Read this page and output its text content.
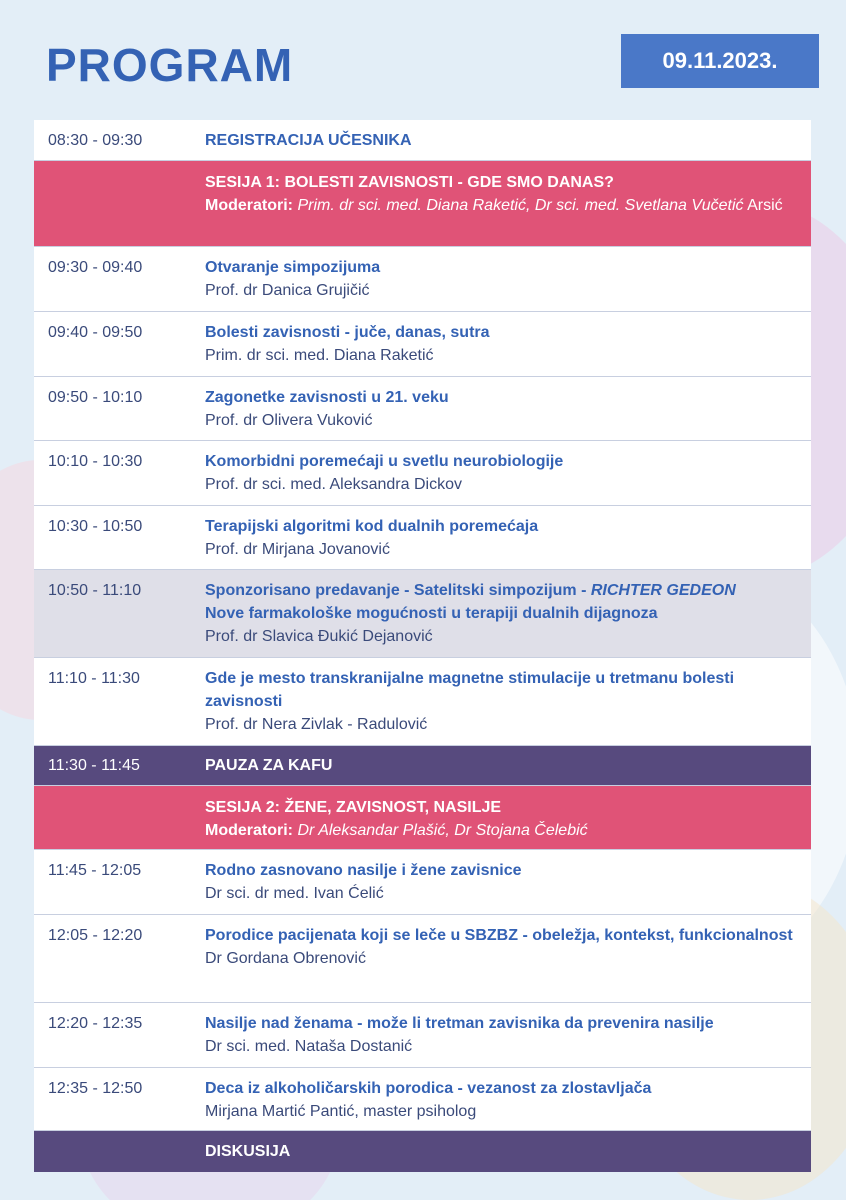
PROGRAM	09.11.2023.
08:30 - 09:30	REGISTRACIJA UČESNIKA
SESIJA 1: BOLESTI ZAVISNOSTI - GDE SMO DANAS?
Moderatori: Prim. dr sci. med. Diana Raketić, Dr sci. med. Svetlana Vučetić Arsić
09:30 - 09:40	Otvaranje simpozijuma
Prof. dr Danica Grujičić
09:40 - 09:50	Bolesti zavisnosti - juče, danas, sutra
Prim. dr sci. med. Diana Raketić
09:50 - 10:10	Zagonetke zavisnosti u 21. veku
Prof. dr Olivera Vuković
10:10 - 10:30	Komorbidni poremećaji u svetlu neurobiologije
Prof. dr sci. med. Aleksandra Dickov
10:30 - 10:50	Terapijski algoritmi kod dualnih poremećaja
Prof. dr Mirjana Jovanović
10:50 - 11:10	Sponzorisano predavanje - Satelitski simpozijum - RICHTER GEDEON
Nove farmakološke mogućnosti u terapiji dualnih dijagnoza
Prof. dr Slavica Đukić Dejanović
11:10 - 11:30	Gde je mesto transkranijalne magnetne stimulacije u tretmanu bolesti zavisnosti
Prof. dr Nera Zivlak - Radulović
11:30 - 11:45	PAUZA ZA KAFU
SESIJA 2: ŽENE, ZAVISNOST, NASILJE
Moderatori: Dr Aleksandar Plašić, Dr Stojana Čelebić
11:45 - 12:05	Rodno zasnovano nasilje i žene zavisnice
Dr sci. dr med. Ivan Ćelić
12:05 - 12:20	Porodice pacijenata koji se leče u SBZBZ - obeležja, kontekst, funkcionalnost
Dr Gordana Obrenović
12:20 - 12:35	Nasilje nad ženama - može li tretman zavisnika da prevenira nasilje
Dr sci. med. Nataša Dostanić
12:35 - 12:50	Deca iz alkoholičarskih porodica - vezanost za zlostavljača
Mirjana Martić Pantić, master psiholog
DISKUSIJA
